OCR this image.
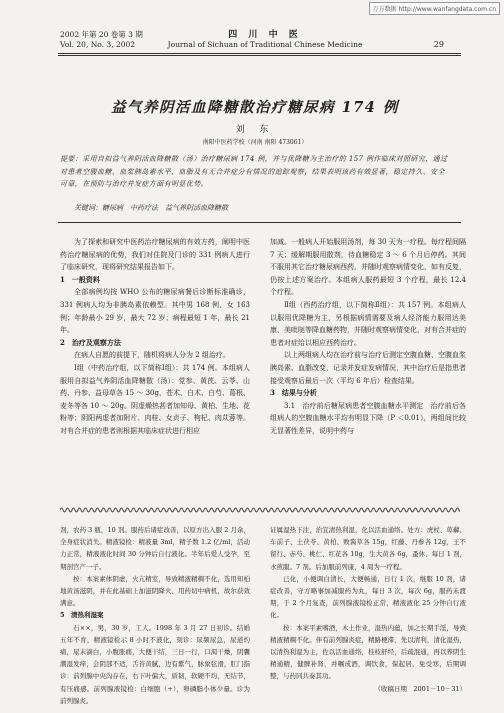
万方数据 http://www.wanfangdata.com.cn
2002 年第 20 卷第 3 期
Vol. 20, No. 3, 2002
四 川 中 医
Journal of Sichuan of Traditional Chinese Medicine	29
益气养阴活血降糖散治疗糖尿病 174 例
刘 东
南阳中医药学校（河南 南阳 473061）
提要：采用自拟益气养阴活血降糖散（汤）治疗糖尿病 174 例，并与优降糖为主治疗的 157 例作临床对照研究，通过对患者空腹血糖、血浆胰岛素水平、血脂及有无合并症分有情况的追踪观察，结果表明该药有效显著，稳定持久、安全可靠，在预防与治疗并发症方面有明显优势。
关键词：糖尿病　中药疗法　益气养阴活血降糖散

为了探索和研究中医药治疗糖尿病的有效方药，阐明中医药治疗糖尿病的优势，我们对住院及门诊的 331 例病人进行了临床研究，现将研究结果报告如下。

1　一般资料

全部病例均按 WHO 公布的糖尿病餐后诊断标准确诊，331 例病人均为非胰岛素依赖型。其中男 168 例，女 163 例；年龄最小 29 岁，最大 72 岁；病程最短 1 年，最长 21 年。

2　治疗及观察方法

在病人自愿的前提下，随机将病人分为 2 组治疗。

Ⅰ组（中药治疗组，以下简称Ⅰ组）：共 174 例。本组病人服用自拟益气养阴活血降糖散（汤）：党参、黄芪、云苓、山药、丹参、益母草各 15 ～ 30g，苍术、白术、白芍、葛根、麦冬等各 10 ～ 20g。阴虚燥热甚者加知母、黄柏、生地、花粉等；阴阳两虚者加附片、肉桂、女贞子、枸杞、肉苁蓉等。对有合并症的患者则根据其临床症状进行相应

加减。一般病人开始服用汤剂，每 30 天为一疗程。每疗程间隔 7 天；缓解期服用散剂，待血糖稳定 3 ～ 6 个月后停药。其间不服用其它治疗糖尿病西药，并随时观察病情变化，如有反复，仍按上述方案治疗。本组病人服药最短 3 个疗程，最长 12.4 个疗程。

Ⅱ组（西药治疗组，以下简称Ⅱ组）：共 157 例。本组病人以服用优降糖为主，另根据病情需要及病人经济能力服用达美康、美吡哒等降血糖药物，并随时观察病情变化，对有合并症的患者对症给以相应西药治疗。

以上两组病人均在治疗前与治疗后测定空腹血糖、空腹血浆胰岛素、血脂改变，记录并发症发病情况，其中治疗后是指患者接受观察后最后一次（平均 6 年后）检查结果。

3　结果与分析

3.1　治疗前后糖尿病患者空腹血糖水平测定　治疗前后各组病人的空腹血糖水平均有明显下降（P ＜0.01），两组间比较无显著性差异，说明中药与

剂，农药 3 瓶，10 剂。服药后诸症改善，以原方出入服 2 月余，全身症状消失。精液镜检：精液量 3ml，精子数 1.2 亿/ml，活动力正常，精液液化时间 30 分钟后自行液化。半年后爱人受孕，至期剖宫产一子。

按：本案素体阴虚，火亢精室，导致精液精稠不化，选用知柏地黄汤滋阴，并在此基础上加滋阴降火、用药切中病机，故尔获效满意。

5　清热利湿案

石××，男，30 岁，工人。1998 年 3 月 27 日初诊。结婚五年不育，精液镜检示 8 小时不液化，刻诊：尿频尿急，尿道灼痛，尿末滴白，小腹胀痛，大便干结，三日一行，口渴干燥，阴囊潮湿发痒，会阴部不适，舌苔黄腻，边有紫气，脉象弦滑，肛门指诊：前列腺中央沟存在，右下叶偏大，质韧，软硬不均，无结节，有压痛感。前列腺液镜检：白细胞（+），卵磷脂小体少量。诊为前列腺炎。

证属湿热下注，治宜清热利湿，化以活血通络。处方：虎杖、萆薢、车前子、土茯苓、黄柏、败酱草各 15g，红藤、丹参各 12g，王不留行、赤芍、桃仁、红花各 10g，生大黄各 6g，蚤休、每日 1 剂，水煎服。7 剂。后加服前列康，4 周为一疗程。

已化，小便调白清长，大便畅通，日行 1 次，继服 10 剂，诸症改善，守方略事加减服药为丸，每日 3 次，每次 6g，服药未渡期，于 2 个月复查，前列腺液镜检正常，精液液化 25 分钟自行液化。

按：本案平素嗜酒，木土作业，湿热内蕴，加之长期手淫，导致精液精稠不化。伴有前列腺炎症，精路梗滞，先以清利，清化湿热，以清热利湿为主，佐以活血通络，桂枝舒经，后疏混通，再以养阴生精通精，健脾补肾，并嘱戒酒，调饮食，保起居，免受寒，后期调整，与药同共奏其功。

（收稿日期　2001－10－31）
